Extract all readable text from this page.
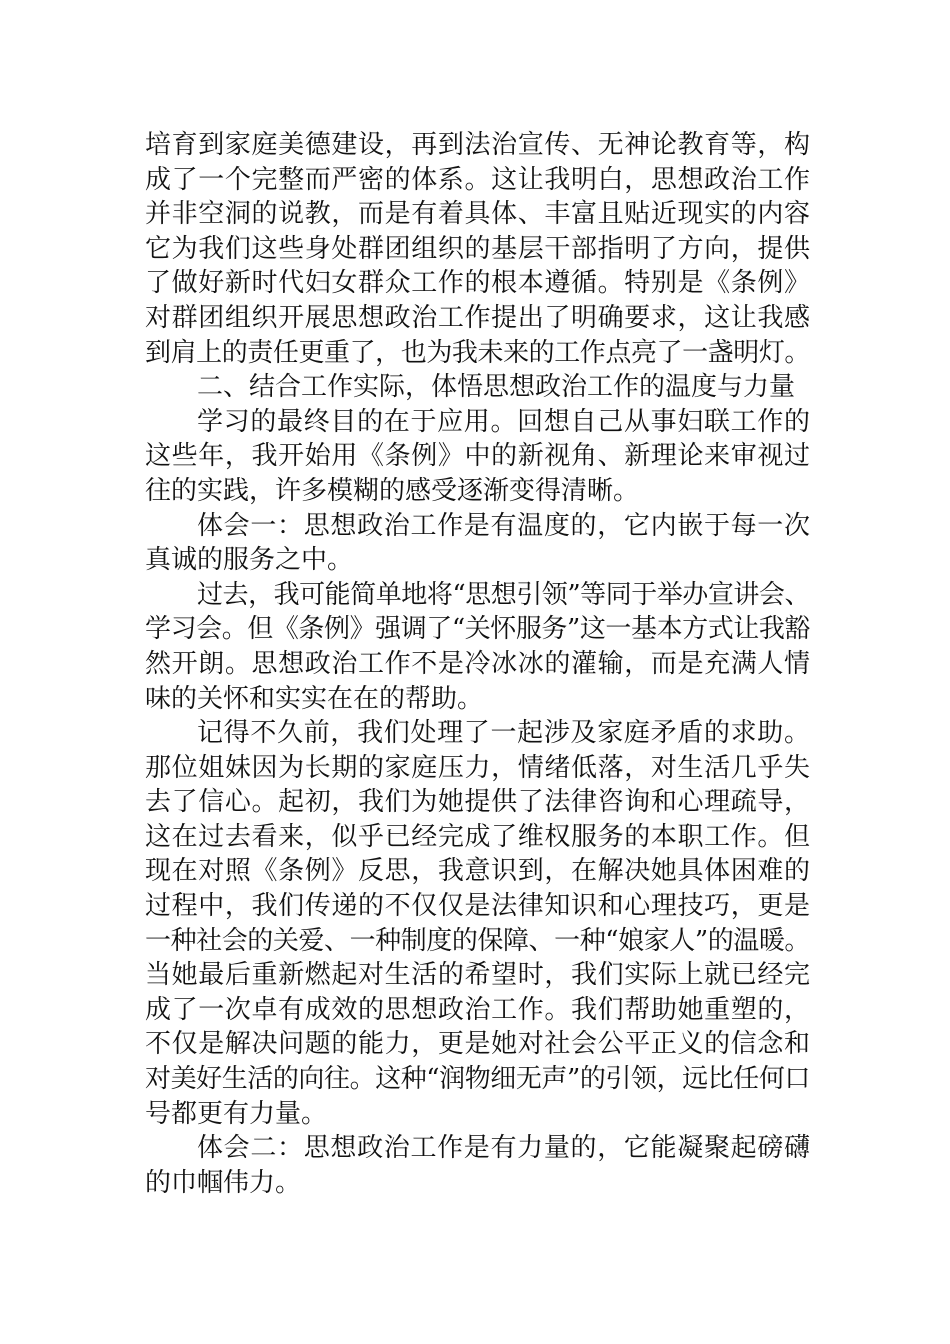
培育到家庭美德建设，再到法治宣传、无神论教育等，构
成了一个完整而严密的体系。这让我明白，思想政治工作
并非空洞的说教，而是有着具体、丰富且贴近现实的内容
它为我们这些身处群团组织的基层干部指明了方向，提供
了做好新时代妇女群众工作的根本遵循。特别是《条例》
对群团组织开展思想政治工作提出了明确要求，这让我感
到肩上的责任更重了，也为我未来的工作点亮了一盏明灯。
二、结合工作实际，体悟思想政治工作的温度与力量
学习的最终目的在于应用。回想自己从事妇联工作的
这些年，我开始用《条例》中的新视角、新理论来审视过
往的实践，许多模糊的感受逐渐变得清晰。
体会一：思想政治工作是有温度的，它内嵌于每一次
真诚的服务之中。
过去，我可能简单地将“思想引领”等同于举办宣讲会、
学习会。但《条例》强调了“关怀服务”这一基本方式让我豁
然开朗。思想政治工作不是冷冰冰的灌输，而是充满人情
味的关怀和实实在在的帮助。
记得不久前，我们处理了一起涉及家庭矛盾的求助。
那位姐妹因为长期的家庭压力，情绪低落，对生活几乎失
去了信心。起初，我们为她提供了法律咨询和心理疏导，
这在过去看来，似乎已经完成了维权服务的本职工作。但
现在对照《条例》反思，我意识到，在解决她具体困难的
过程中，我们传递的不仅仅是法律知识和心理技巧，更是
一种社会的关爱、一种制度的保障、一种“娘家人”的温暖。
当她最后重新燃起对生活的希望时，我们实际上就已经完
成了一次卓有成效的思想政治工作。我们帮助她重塑的，
不仅是解决问题的能力，更是她对社会公平正义的信念和
对美好生活的向往。这种“润物细无声”的引领，远比任何口
号都更有力量。
体会二：思想政治工作是有力量的，它能凝聚起磅礴
的巾帼伟力。
